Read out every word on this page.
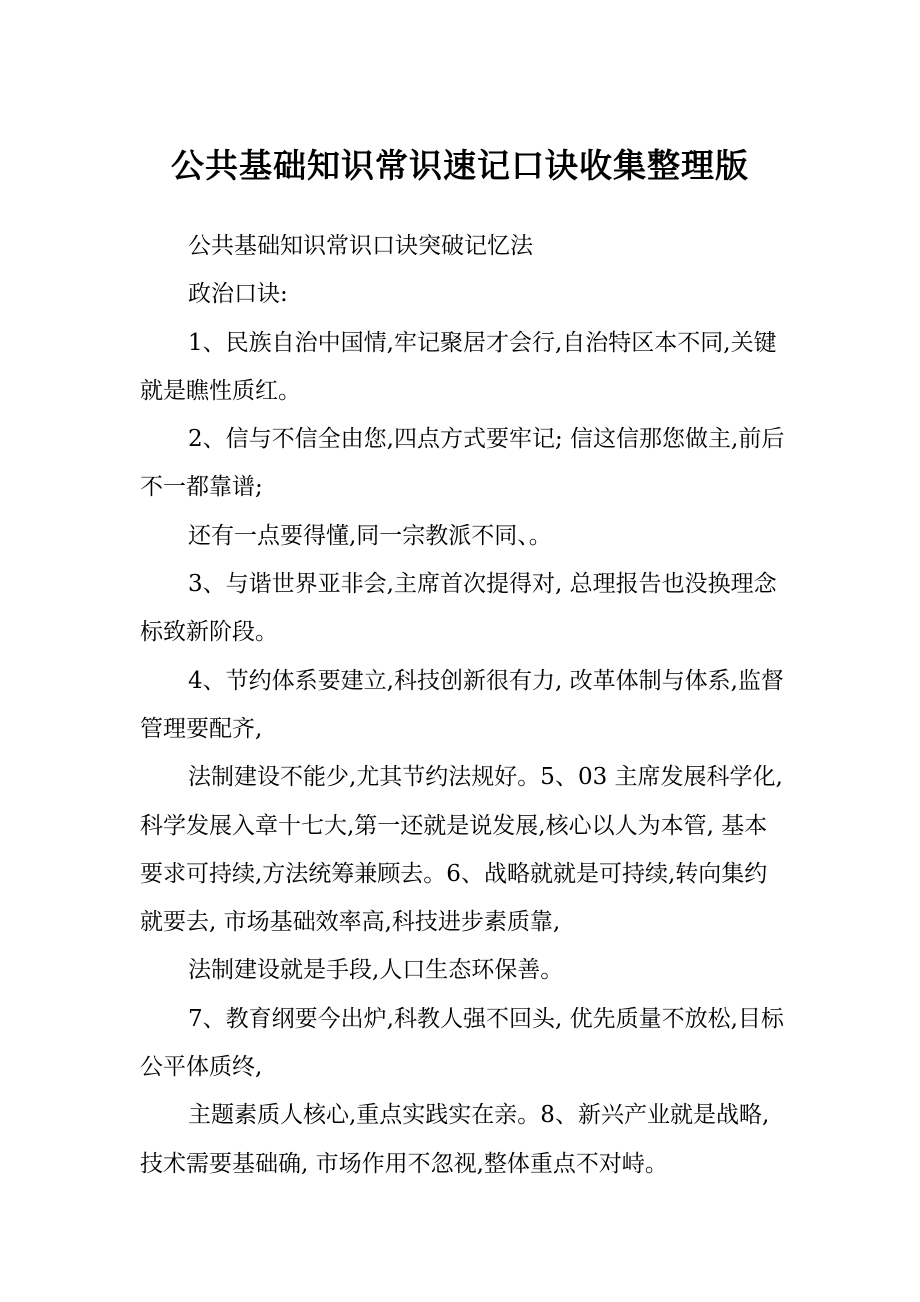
公共基础知识常识速记口诀收集整理版

公共基础知识常识口诀突破记忆法

政治口诀:

1、民族自治中国情,牢记聚居才会行,自治特区本不同,关键就是瞧性质红。

2、信与不信全由您,四点方式要牢记; 信这信那您做主,前后不一都靠谱;

还有一点要得懂,同一宗教派不同、。

3、与谐世界亚非会,主席首次提得对, 总理报告也没换理念标致新阶段。

4、节约体系要建立,科技创新很有力, 改革体制与体系,监督管理要配齐,

法制建设不能少,尤其节约法规好。5、03 主席发展科学化,科学发展入章十七大,第一还就是说发展,核心以人为本管, 基本要求可持续,方法统筹兼顾去。6、战略就就是可持续,转向集约就要去, 市场基础效率高,科技进步素质靠,

法制建设就是手段,人口生态环保善。

7、教育纲要今出炉,科教人强不回头, 优先质量不放松,目标公平体质终,

主题素质人核心,重点实践实在亲。8、新兴产业就是战略,技术需要基础确, 市场作用不忽视,整体重点不对峙。
